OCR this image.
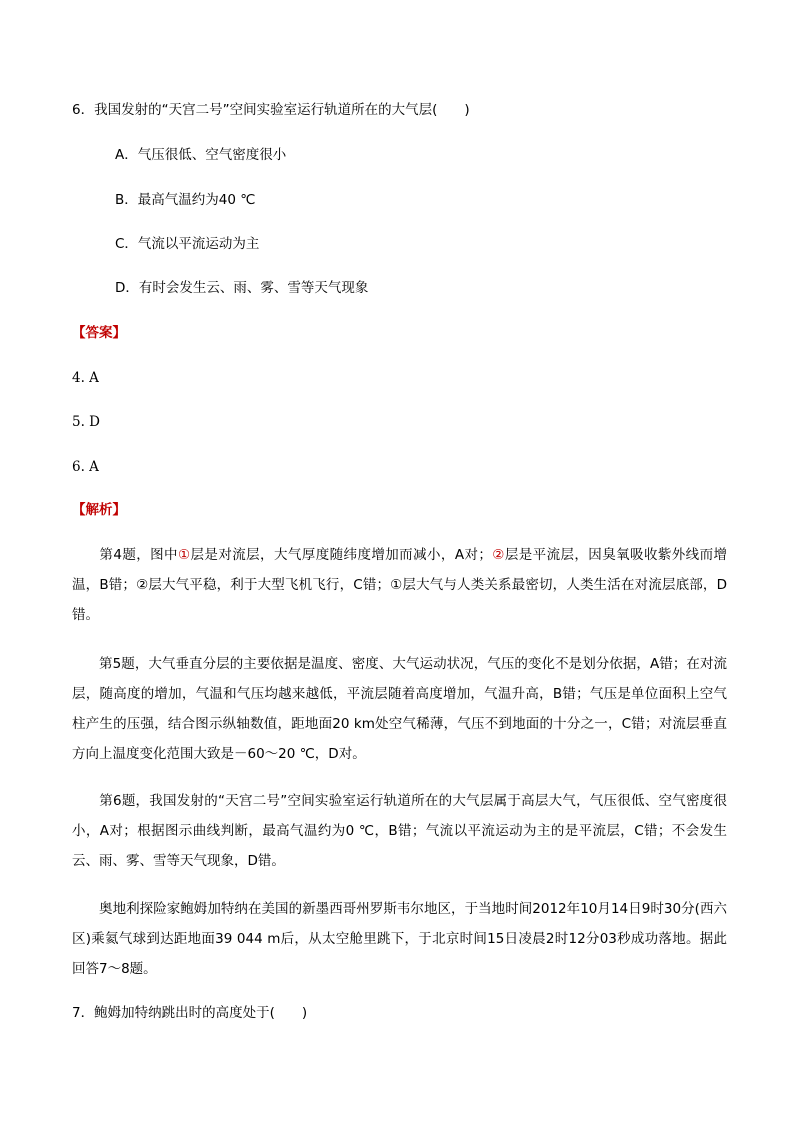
6．我国发射的“天宫二号”空间实验室运行轨道所在的大气层(　　)
A．气压很低、空气密度很小
B．最高气温约为40 ℃
C．气流以平流运动为主
D．有时会发生云、雨、雾、雪等天气现象
【答案】
4. A
5. D
6. A
【解析】
第4题，图中①层是对流层，大气厚度随纬度增加而减小，A对；②层是平流层，因臭氧吸收紫外线而增温，B错；②层大气平稳，利于大型飞机飞行，C错；①层大气与人类关系最密切，人类生活在对流层底部，D错。
第5题，大气垂直分层的主要依据是温度、密度、大气运动状况，气压的变化不是划分依据，A错；在对流层，随高度的增加，气温和气压均越来越低，平流层随着高度增加，气温升高，B错；气压是单位面积上空气柱产生的压强，结合图示纵轴数值，距地面20 km处空气稀薄，气压不到地面的十分之一，C错；对流层垂直方向上温度变化范围大致是－60～20 ℃，D对。
第6题，我国发射的“天宫二号”空间实验室运行轨道所在的大气层属于高层大气，气压很低、空气密度很小，A对；根据图示曲线判断，最高气温约为0 ℃，B错；气流以平流运动为主的是平流层，C错；不会发生云、雨、雾、雪等天气现象，D错。
奥地利探险家鲍姆加特纳在美国的新墨西哥州罗斯韦尔地区，于当地时间2012年10月14日9时30分(西六区)乘氦气球到达距地面39 044 m后，从太空舱里跳下，于北京时间15日凌晨2时12分03秒成功落地。据此回答7～8题。
7．鲍姆加特纳跳出时的高度处于(　　)
